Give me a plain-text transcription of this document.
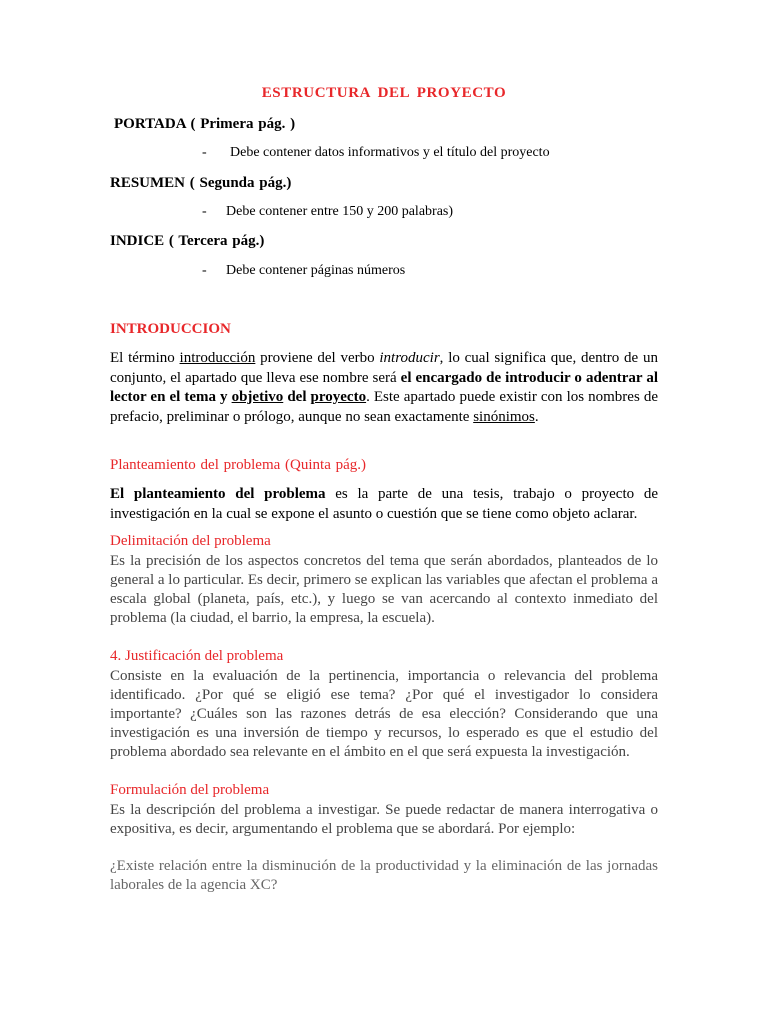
ESTRUCTURA DEL PROYECTO

PORTADA ( Primera pág. )

- Debe contener datos informativos y el título del proyecto

RESUMEN ( Segunda pág.)

- Debe contener entre 150 y 200 palabras)

INDICE ( Tercera pág.)

- Debe contener páginas números

INTRODUCCION

El término introducción proviene del verbo introducir, lo cual significa que, dentro de un conjunto, el apartado que lleva ese nombre será el encargado de introducir o adentrar al lector en el tema y objetivo del proyecto. Este apartado puede existir con los nombres de prefacio, preliminar o prólogo, aunque no sean exactamente sinónimos.

Planteamiento del problema (Quinta pág.)

El planteamiento del problema es la parte de una tesis, trabajo o proyecto de investigación en la cual se expone el asunto o cuestión que se tiene como objeto aclarar.

Delimitación del problema

Es la precisión de los aspectos concretos del tema que serán abordados, planteados de lo general a lo particular. Es decir, primero se explican las variables que afectan el problema a escala global (planeta, país, etc.), y luego se van acercando al contexto inmediato del problema (la ciudad, el barrio, la empresa, la escuela).

4. Justificación del problema

Consiste en la evaluación de la pertinencia, importancia o relevancia del problema identificado. ¿Por qué se eligió ese tema? ¿Por qué el investigador lo considera importante? ¿Cuáles son las razones detrás de esa elección? Considerando que una investigación es una inversión de tiempo y recursos, lo esperado es que el estudio del problema abordado sea relevante en el ámbito en el que será expuesta la investigación.

Formulación del problema

Es la descripción del problema a investigar. Se puede redactar de manera interrogativa o expositiva, es decir, argumentando el problema que se abordará. Por ejemplo:

¿Existe relación entre la disminución de la productividad y la eliminación de las jornadas laborales de la agencia XC?
